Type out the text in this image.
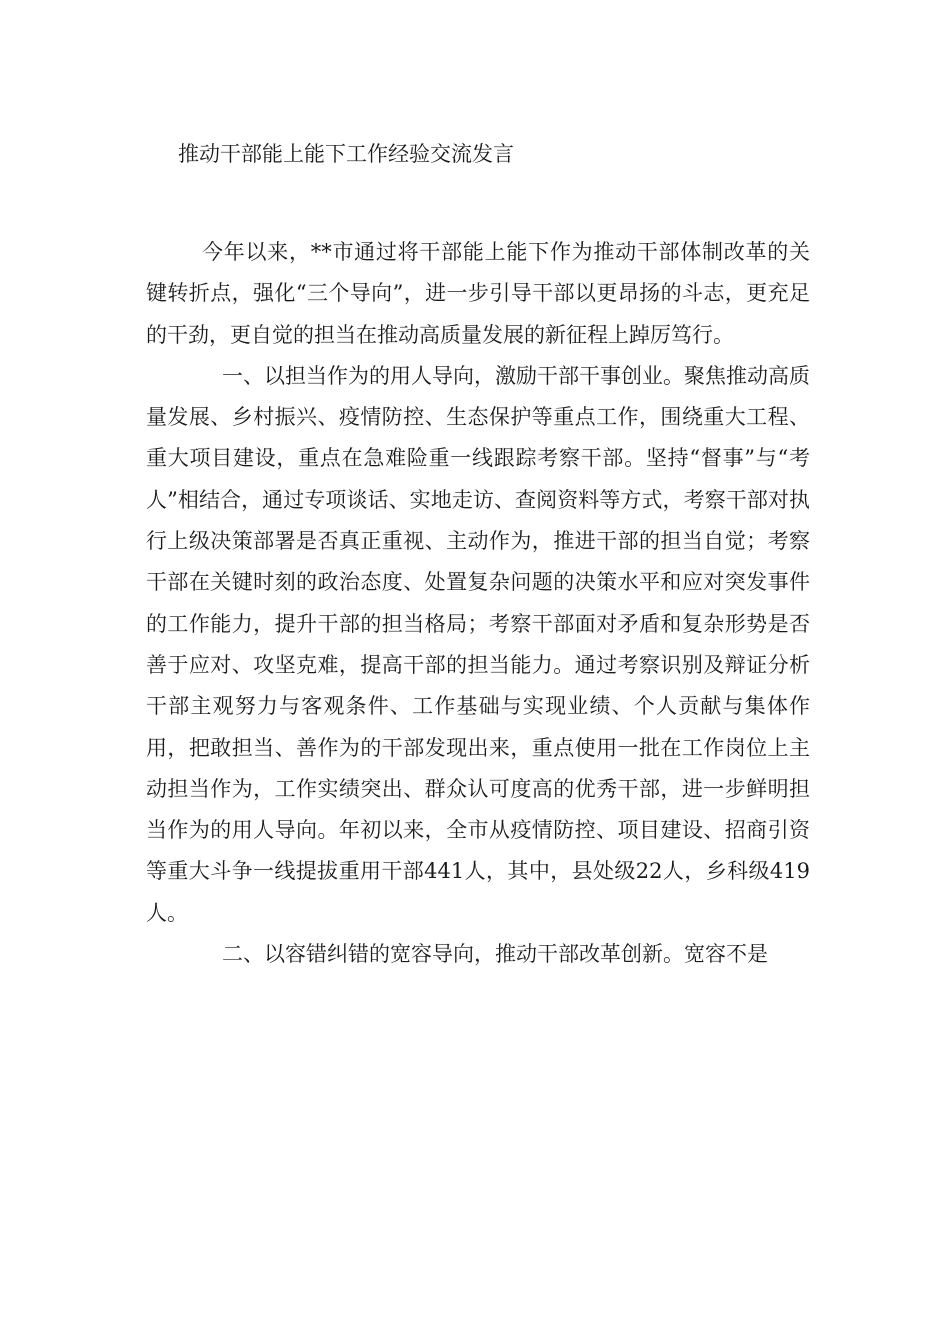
推动干部能上能下工作经验交流发言

今年以来，**市通过将干部能上能下作为推动干部体制改革的关键转折点，强化“三个导向”，进一步引导干部以更昂扬的斗志，更充足的干劲，更自觉的担当在推动高质量发展的新征程上踔厉笃行。

一、以担当作为的用人导向，激励干部干事创业。聚焦推动高质量发展、乡村振兴、疫情防控、生态保护等重点工作，围绕重大工程、重大项目建设，重点在急难险重一线跟踪考察干部。坚持“督事”与“考人”相结合，通过专项谈话、实地走访、查阅资料等方式，考察干部对执行上级决策部署是否真正重视、主动作为，推进干部的担当自觉；考察干部在关键时刻的政治态度、处置复杂问题的决策水平和应对突发事件的工作能力，提升干部的担当格局；考察干部面对矛盾和复杂形势是否善于应对、攻坚克难，提高干部的担当能力。通过考察识别及辩证分析干部主观努力与客观条件、工作基础与实现业绩、个人贡献与集体作用，把敢担当、善作为的干部发现出来，重点使用一批在工作岗位上主动担当作为，工作实绩突出、群众认可度高的优秀干部，进一步鲜明担当作为的用人导向。年初以来，全市从疫情防控、项目建设、招商引资等重大斗争一线提拔重用干部441人，其中，县处级22人，乡科级419人。

二、以容错纠错的宽容导向，推动干部改革创新。宽容不是
